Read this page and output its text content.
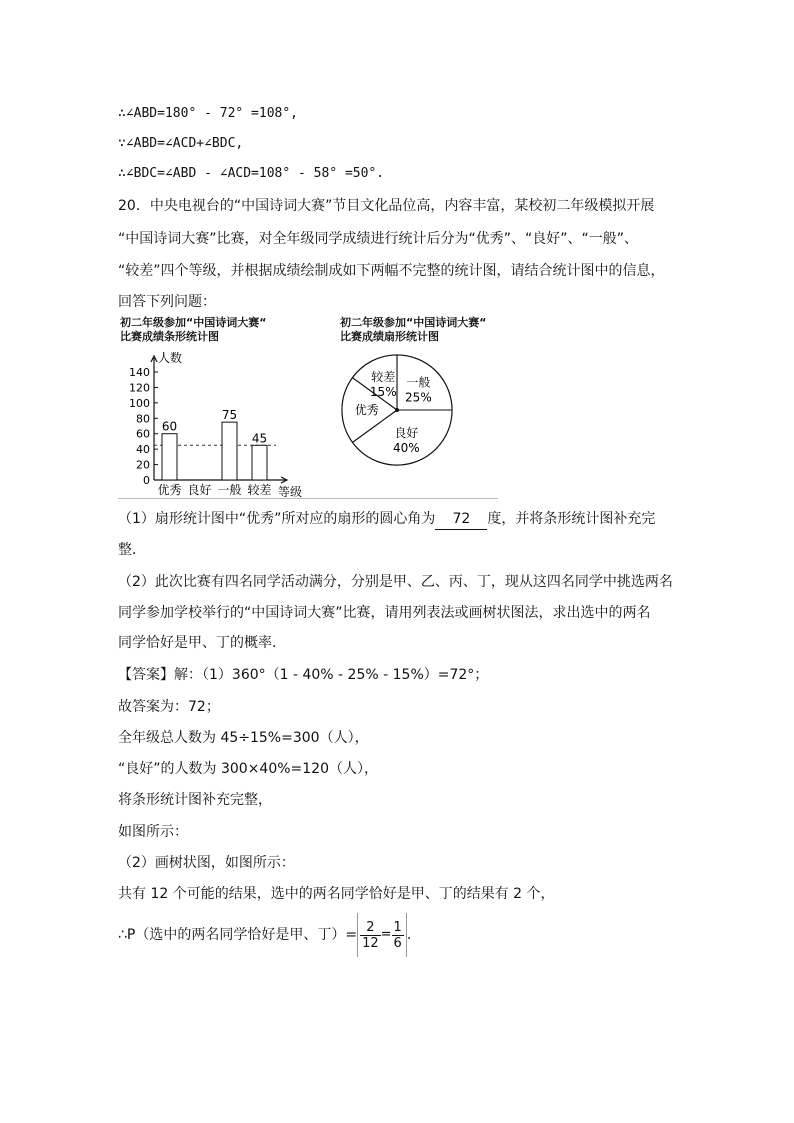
∴∠ABD=180° - 72° =108°,
∵∠ABD=∠ACD+∠BDC,
∴∠BDC=∠ABD - ∠ACD=108° - 58° =50°.
20．中央电视台的“中国诗词大赛”节目文化品位高，内容丰富，某校初二年级模拟开展
“中国诗词大赛”比赛，对全年级同学成绩进行统计后分为“优秀”、“良好”、“一般”、
“较差”四个等级，并根据成绩绘制成如下两幅不完整的统计图，请结合统计图中的信息，
回答下列问题：
初二年级参加“中国诗词大赛“
比赛成绩条形统计图
初二年级参加“中国诗词大赛“
比赛成绩扇形统计图
人数
等级
0
20
40
60
80
100
120
140
60
优秀 良好
75
一般
45
较差
一般
25%
良好
40%
优秀
较差
15%
（1）扇形统计图中“优秀”所对应的扇形的圆心角为 72 度，并将条形统计图补充完
整．
（2）此次比赛有四名同学活动满分，分别是甲、乙、丙、丁，现从这四名同学中挑选两名
同学参加学校举行的“中国诗词大赛”比赛，请用列表法或画树状图法，求出选中的两名
同学恰好是甲、丁的概率．
【答案】解：（1）360°（1 - 40% - 25% - 15%）=72°；
故答案为：72；
全年级总人数为 45÷15%=300（人），
“良好”的人数为 300×40%=120（人），
将条形统计图补充完整，
如图所示：
（2）画树状图，如图所示：
共有 12 个可能的结果，选中的两名同学恰好是甲、丁的结果有 2 个，
∴P（选中的两名同学恰好是甲、丁）= $\frac{2}{12} = \frac{1}{6}$ .
